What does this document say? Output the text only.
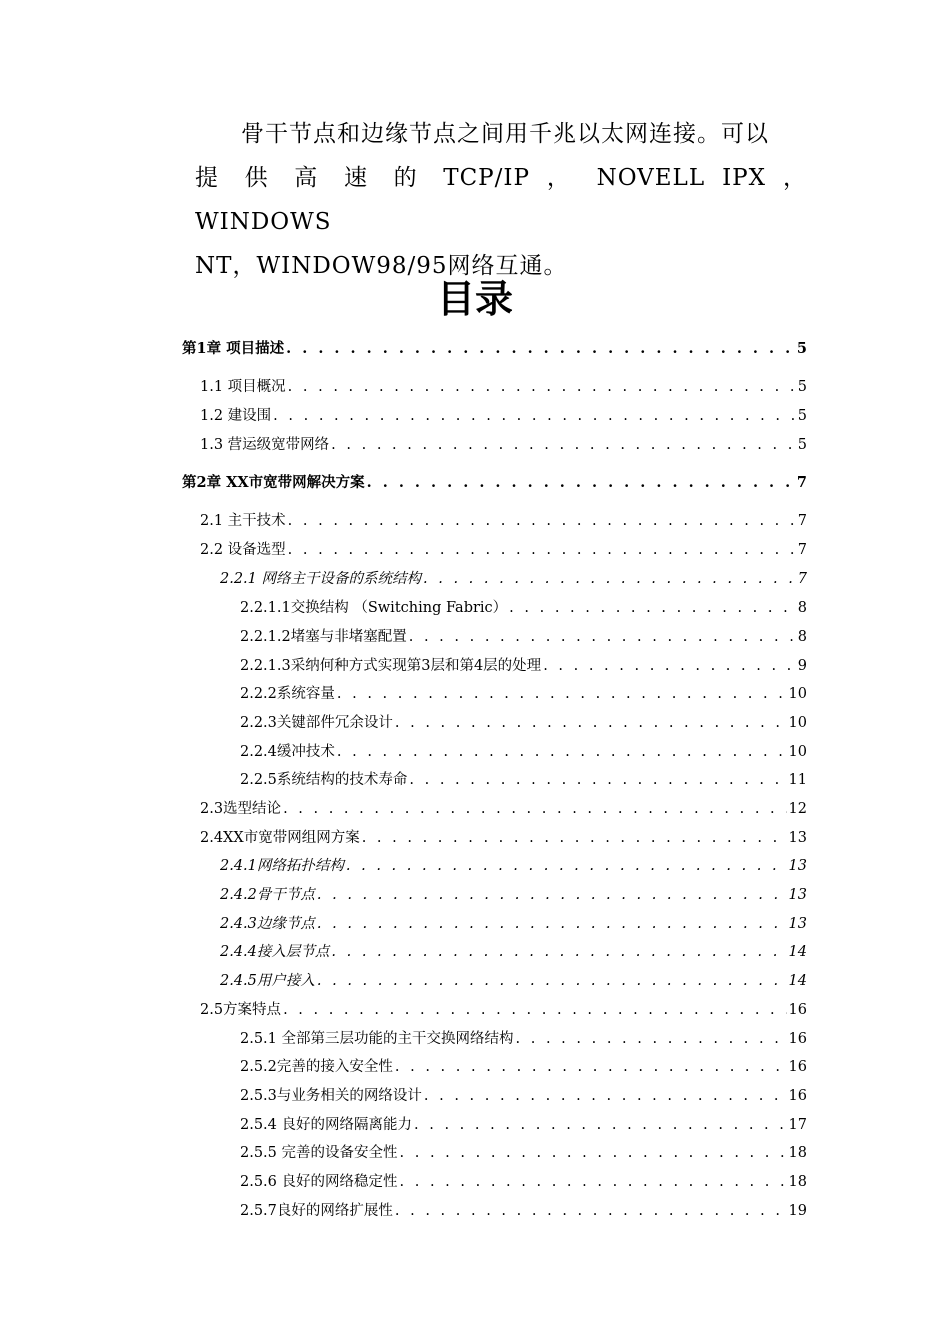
骨干节点和边缘节点之间用千兆以太网连接。可以
提 供 高 速 的 TCP/IP ， NOVELL IPX ， WINDOWS
NT，WINDOW98/95网络互通。
目录
第1章 项目描述 . . .	5
1.1 项目概况 . . .	5
1.2 建设围 . . .	5
1.3 营运级宽带网络 . . .	5
第2章 XX市宽带网解决方案 . . .	7
2.1 主干技术 . . .	7
2.2 设备选型 . . .	7
2.2.1 网络主干设备的系统结构 . . .	7
2.2.1.1交换结构 （Switching Fabric） . . .	8
2.2.1.2堵塞与非堵塞配置 . . .	8
2.2.1.3采纳何种方式实现第3层和第4层的处理 . . .	9
2.2.2系统容量 . . .	10
2.2.3关键部件冗余设计 . . .	10
2.2.4缓冲技术 . . .	10
2.2.5系统结构的技术寿命 . . .	11
2.3选型结论 . . .	12
2.4XX市宽带网组网方案 . . .	13
2.4.1网络拓扑结构 . . .	13
2.4.2骨干节点 . . .	13
2.4.3边缘节点 . . .	13
2.4.4接入层节点 . . .	14
2.4.5用户接入 . . .	14
2.5方案特点 . . .	16
2.5.1 全部第三层功能的主干交换网络结构 . . .	16
2.5.2完善的接入安全性 . . .	16
2.5.3与业务相关的网络设计 . . .	16
2.5.4 良好的网络隔离能力 . . .	17
2.5.5 完善的设备安全性 . . .	18
2.5.6 良好的网络稳定性 . . .	18
2.5.7良好的网络扩展性 . . .	19
